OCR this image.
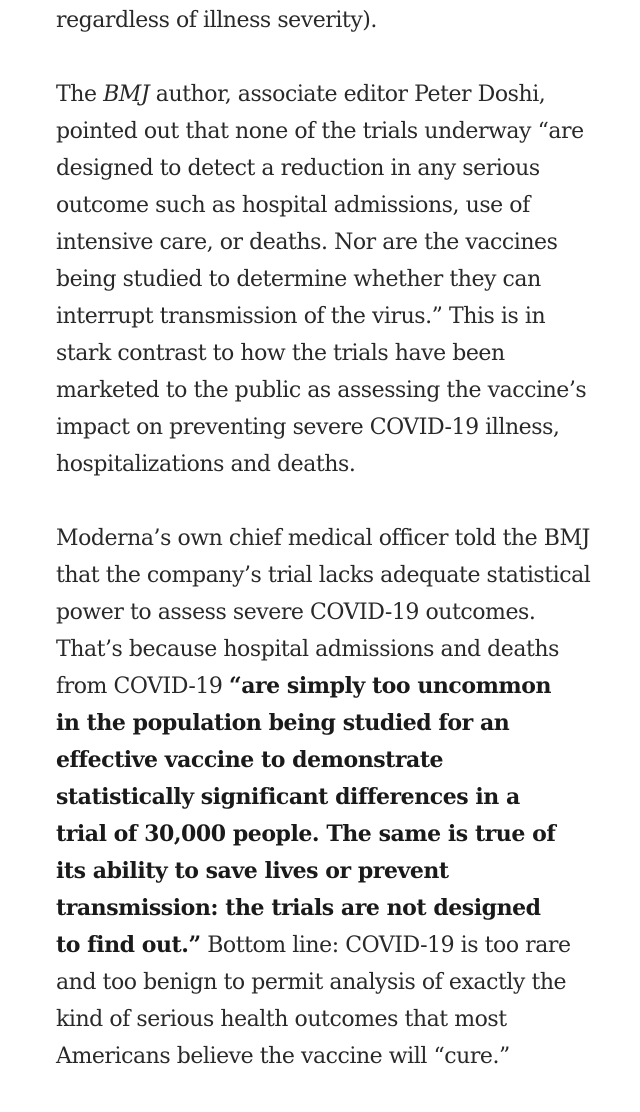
regardless of illness severity).

The BMJ author, associate editor Peter Doshi,
pointed out that none of the trials underway “are
designed to detect a reduction in any serious
outcome such as hospital admissions, use of
intensive care, or deaths. Nor are the vaccines
being studied to determine whether they can
interrupt transmission of the virus.” This is in
stark contrast to how the trials have been
marketed to the public as assessing the vaccine’s
impact on preventing severe COVID-19 illness,
hospitalizations and deaths.

Moderna’s own chief medical officer told the BMJ
that the company’s trial lacks adequate statistical
power to assess severe COVID-19 outcomes.
That’s because hospital admissions and deaths
from COVID-19 “are simply too uncommon
in the population being studied for an
effective vaccine to demonstrate
statistically significant differences in a
trial of 30,000 people. The same is true of
its ability to save lives or prevent
transmission: the trials are not designed
to find out.” Bottom line: COVID-19 is too rare
and too benign to permit analysis of exactly the
kind of serious health outcomes that most
Americans believe the vaccine will “cure.”
